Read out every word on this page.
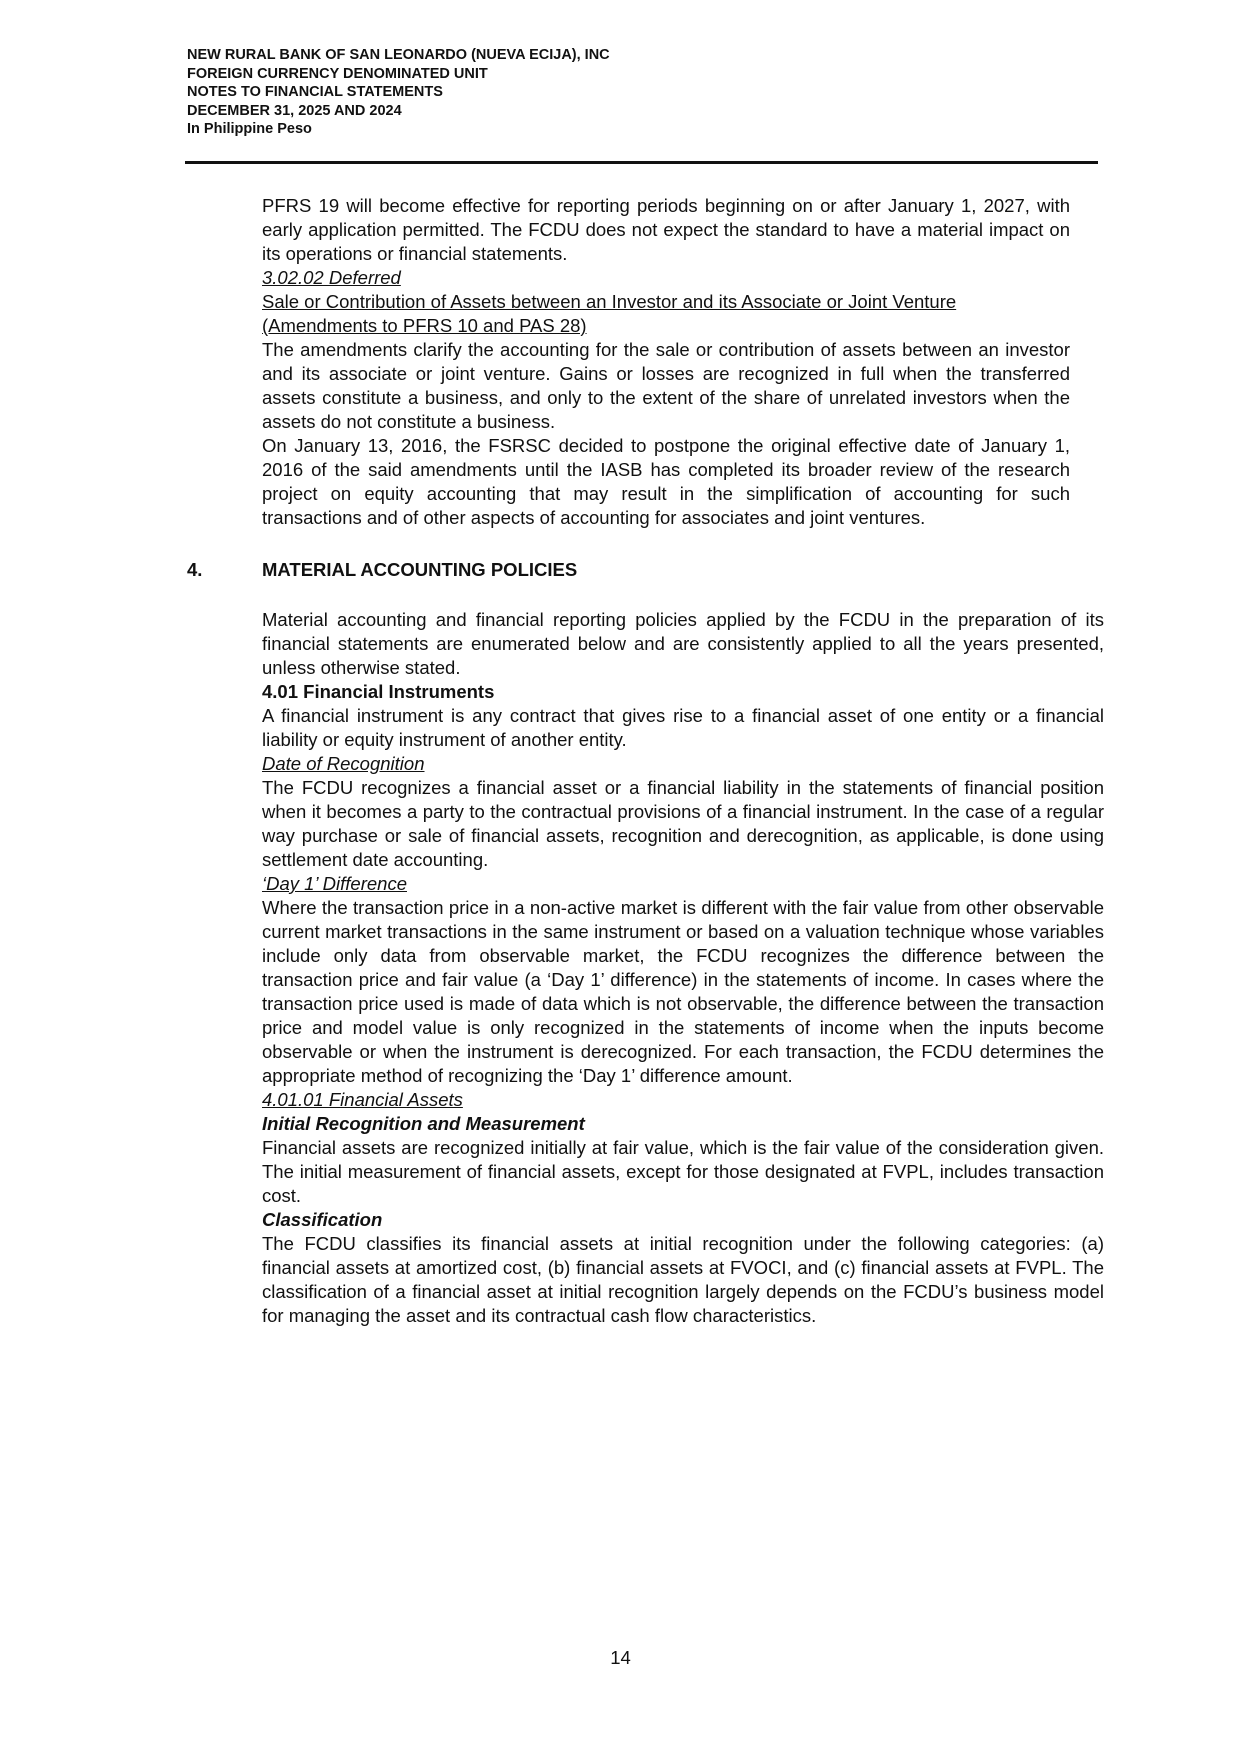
NEW RURAL BANK OF SAN LEONARDO (NUEVA ECIJA), INC
FOREIGN CURRENCY DENOMINATED UNIT
NOTES TO FINANCIAL STATEMENTS
DECEMBER 31, 2025 AND 2024
In Philippine Peso

PFRS 19 will become effective for reporting periods beginning on or after January 1, 2027, with early application permitted. The FCDU does not expect the standard to have a material impact on its operations or financial statements.

3.02.02 Deferred

Sale or Contribution of Assets between an Investor and its Associate or Joint Venture

(Amendments to PFRS 10 and PAS 28)

The amendments clarify the accounting for the sale or contribution of assets between an investor and its associate or joint venture. Gains or losses are recognized in full when the transferred assets constitute a business, and only to the extent of the share of unrelated investors when the assets do not constitute a business.

On January 13, 2016, the FSRSC decided to postpone the original effective date of January 1, 2016 of the said amendments until the IASB has completed its broader review of the research project on equity accounting that may result in the simplification of accounting for such transactions and of other aspects of accounting for associates and joint ventures.

4.	MATERIAL ACCOUNTING POLICIES

Material accounting and financial reporting policies applied by the FCDU in the preparation of its financial statements are enumerated below and are consistently applied to all the years presented, unless otherwise stated.

4.01 Financial Instruments

A financial instrument is any contract that gives rise to a financial asset of one entity or a financial liability or equity instrument of another entity.

Date of Recognition

The FCDU recognizes a financial asset or a financial liability in the statements of financial position when it becomes a party to the contractual provisions of a financial instrument. In the case of a regular way purchase or sale of financial assets, recognition and derecognition, as applicable, is done using settlement date accounting.

‘Day 1’ Difference

Where the transaction price in a non-active market is different with the fair value from other observable current market transactions in the same instrument or based on a valuation technique whose variables include only data from observable market, the FCDU recognizes the difference between the transaction price and fair value (a ‘Day 1’ difference) in the statements of income. In cases where the transaction price used is made of data which is not observable, the difference between the transaction price and model value is only recognized in the statements of income when the inputs become observable or when the instrument is derecognized. For each transaction, the FCDU determines the appropriate method of recognizing the ‘Day 1’ difference amount.

4.01.01 Financial Assets

Initial Recognition and Measurement

Financial assets are recognized initially at fair value, which is the fair value of the consideration given. The initial measurement of financial assets, except for those designated at FVPL, includes transaction cost.

Classification

The FCDU classifies its financial assets at initial recognition under the following categories: (a) financial assets at amortized cost, (b) financial assets at FVOCI, and (c) financial assets at FVPL. The classification of a financial asset at initial recognition largely depends on the FCDU’s business model for managing the asset and its contractual cash flow characteristics.

14
